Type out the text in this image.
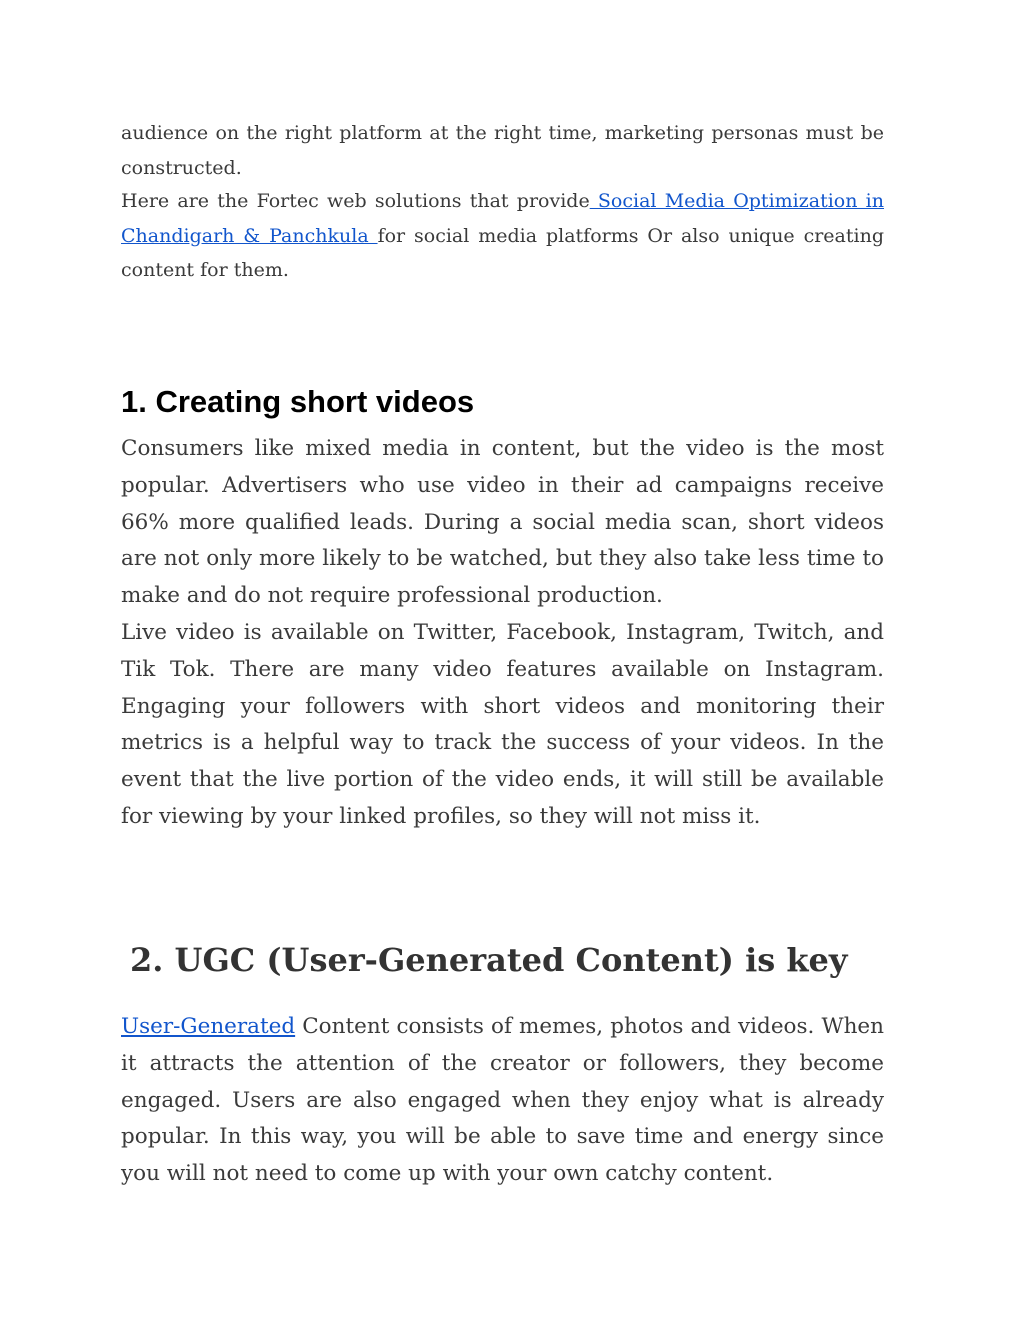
audience on the right platform at the right time, marketing personas must be constructed.

Here are the Fortec web solutions that provide Social Media Optimization in Chandigarh & Panchkula for social media platforms Or also unique creating content for them.

1. Creating short videos

Consumers like mixed media in content, but the video is the most popular. Advertisers who use video in their ad campaigns receive 66% more qualified leads. During a social media scan, short videos are not only more likely to be watched, but they also take less time to make and do not require professional production.

Live video is available on Twitter, Facebook, Instagram, Twitch, and Tik Tok. There are many video features available on Instagram. Engaging your followers with short videos and monitoring their metrics is a helpful way to track the success of your videos. In the event that the live portion of the video ends, it will still be available for viewing by your linked profiles, so they will not miss it.

2. UGC (User-Generated Content) is key

User-Generated Content consists of memes, photos and videos. When it attracts the attention of the creator or followers, they become engaged. Users are also engaged when they enjoy what is already popular. In this way, you will be able to save time and energy since you will not need to come up with your own catchy content.
